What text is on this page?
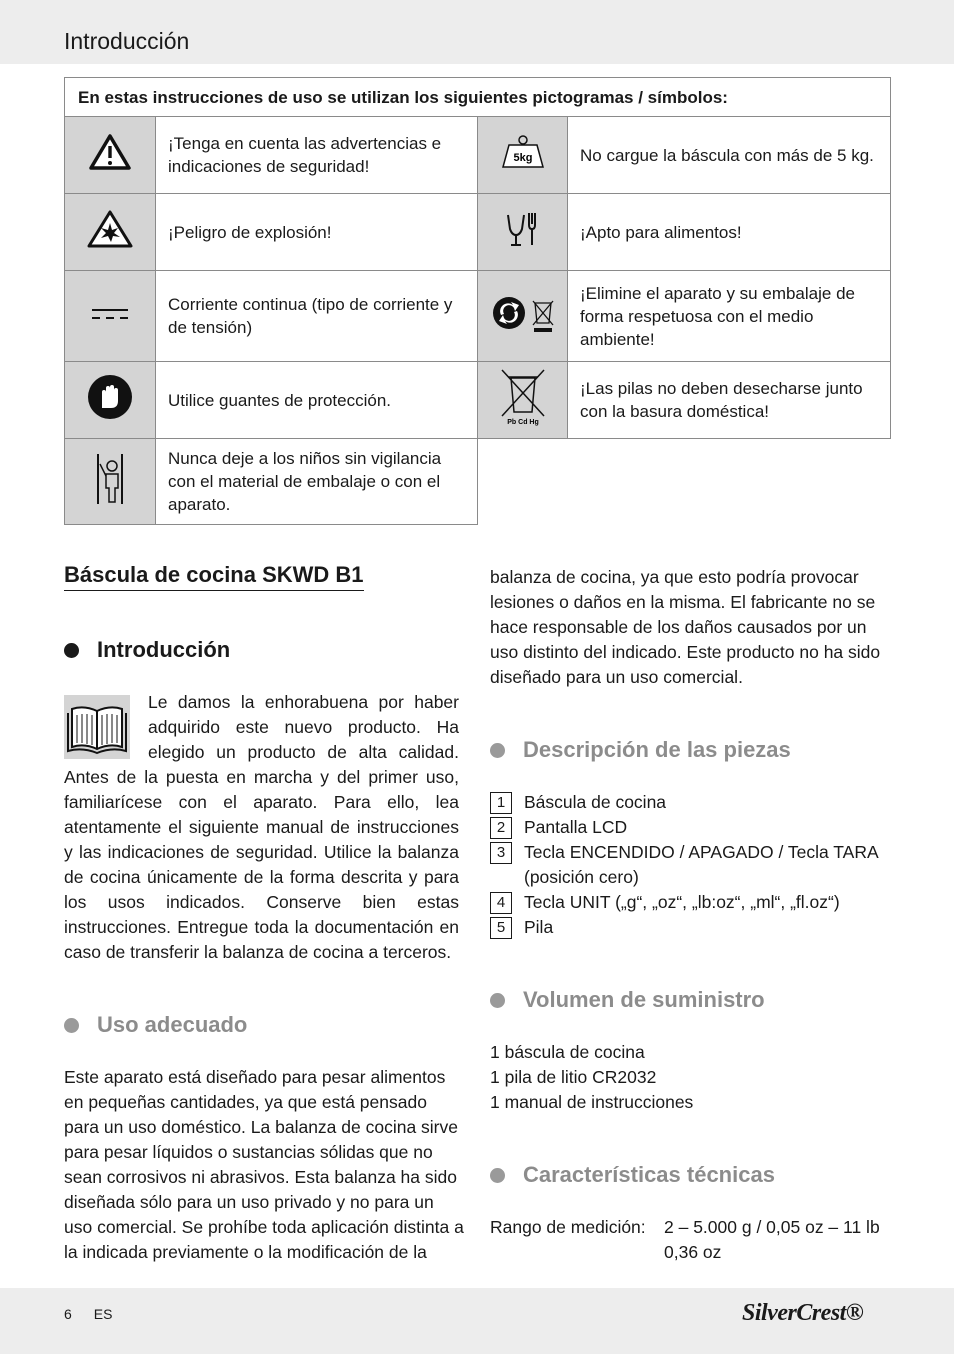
Introducción
En estas instrucciones de uso se utilizan los siguientes pictogramas / símbolos:			
	¡Tenga en cuenta las advertencias e indicaciones de seguridad!	5kg	No cargue la báscula con más de 5 kg.
	¡Peligro de explosión!		¡Apto para alimentos!
	Corriente continua (tipo de corriente y de tensión)		¡Elimine el aparato y su embalaje de forma respetuosa con el medio ambiente!
	Utilice guantes de protección.	Pb Cd Hg	¡Las pilas no deben desecharse junto con la basura doméstica!
	Nunca deje a los niños sin vigilancia con el material de embalaje o con el aparato.		
Báscula de cocina SKWD B1
Introducción

Le damos la enhorabuena por haber adquirido este nuevo producto. Ha elegido un producto de alta calidad. Antes de la puesta en marcha y del primer uso, familiarícese con el aparato. Para ello, lea atentamente el siguiente manual de instrucciones y las indicaciones de seguridad. Utilice la balanza de cocina únicamente de la forma descrita y para los usos indicados. Conserve bien estas instrucciones. Entregue toda la documentación en caso de transferir la balanza de cocina a terceros.

Uso adecuado

Este aparato está diseñado para pesar alimentos en pequeñas cantidades, ya que está pensado para un uso doméstico. La balanza de cocina sirve para pesar líquidos o sustancias sólidas que no sean corrosivos ni abrasivos. Esta balanza ha sido diseñada sólo para un uso privado y no para un uso comercial. Se prohíbe toda aplicación distinta a la indicada previamente o la modificación de la

balanza de cocina, ya que esto podría provocar lesiones o daños en la misma. El fabricante no se hace responsable de los daños causados por un uso distinto del indicado. Este producto no ha sido diseñado para un uso comercial.

Descripción de las piezas
1	Báscula de cocina
2	Pantalla LCD
3	Tecla ENCENDIDO / APAGADO / Tecla TARA (posición cero)
4	Tecla UNIT („g“, „oz“, „lb:oz“, „ml“, „fl.oz“)
5	Pila
Volumen de suministro

1 báscula de cocina

1 pila de litio CR2032

1 manual de instrucciones

Características técnicas
Rango de medición: 2 – 5.000 g / 0,05 oz – 11 lb

0,36 oz

6 ES	SilverCrest®
